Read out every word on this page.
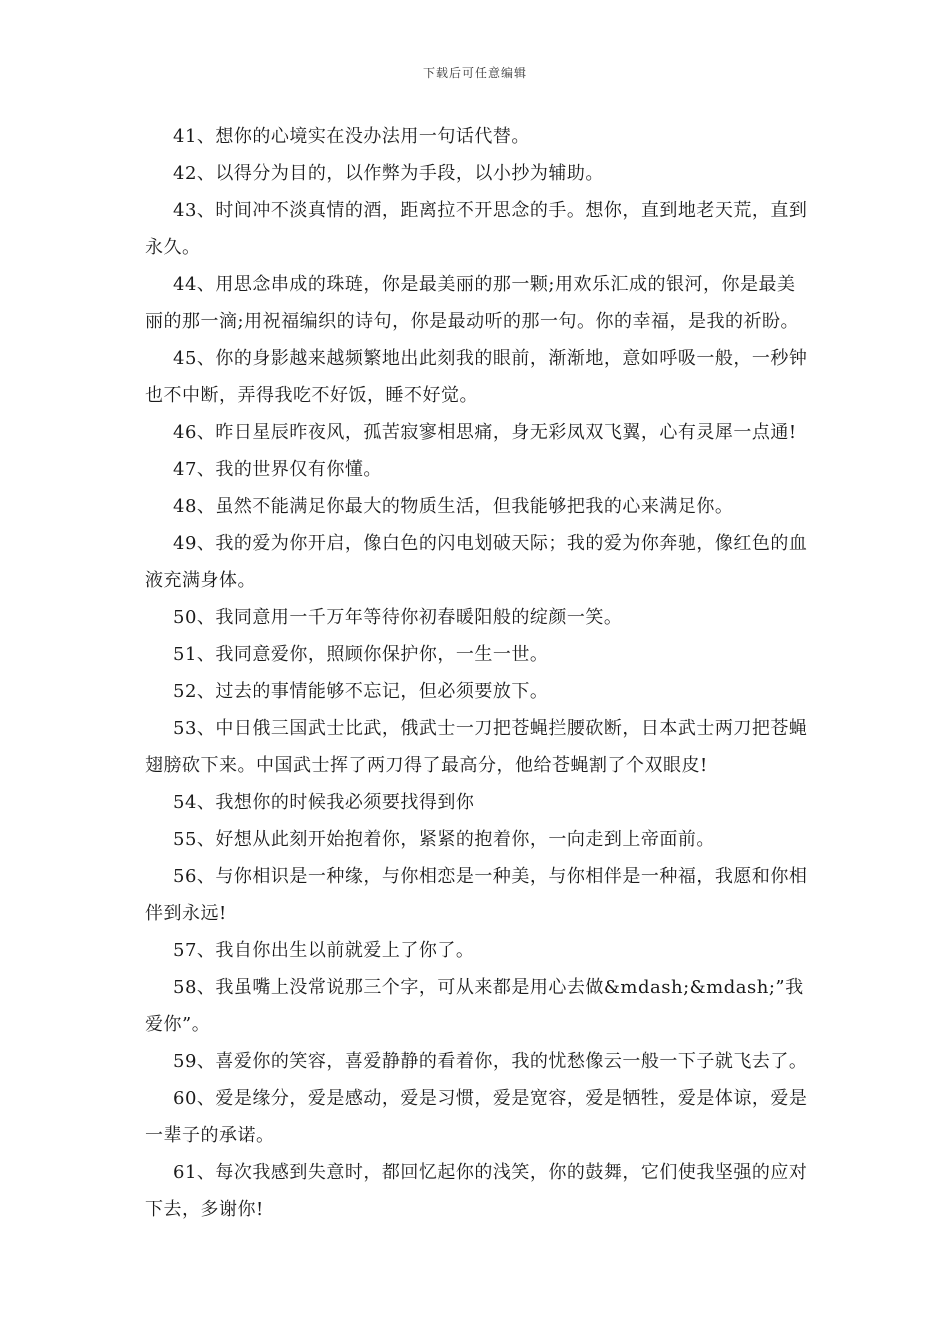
下载后可任意编辑

41、想你的心境实在没办法用一句话代替。

42、以得分为目的，以作弊为手段，以小抄为辅助。

43、时间冲不淡真情的酒，距离拉不开思念的手。想你，直到地老天荒，直到永久。

44、用思念串成的珠琏，你是最美丽的那一颗;用欢乐汇成的银河，你是最美丽的那一滴;用祝福编织的诗句，你是最动听的那一句。你的幸福，是我的祈盼。

45、你的身影越来越频繁地出此刻我的眼前，渐渐地，意如呼吸一般，一秒钟也不中断，弄得我吃不好饭，睡不好觉。

46、昨日星辰昨夜风，孤苦寂寥相思痛，身无彩凤双飞翼，心有灵犀一点通!

47、我的世界仅有你懂。

48、虽然不能满足你最大的物质生活，但我能够把我的心来满足你。

49、我的爱为你开启，像白色的闪电划破天际；我的爱为你奔驰，像红色的血液充满身体。

50、我同意用一千万年等待你初春暖阳般的绽颜一笑。

51、我同意爱你，照顾你保护你，一生一世。

52、过去的事情能够不忘记，但必须要放下。

53、中日俄三国武士比武，俄武士一刀把苍蝇拦腰砍断，日本武士两刀把苍蝇翅膀砍下来。中国武士挥了两刀得了最高分，他给苍蝇割了个双眼皮!

54、我想你的时候我必须要找得到你

55、好想从此刻开始抱着你，紧紧的抱着你，一向走到上帝面前。

56、与你相识是一种缘，与你相恋是一种美，与你相伴是一种福，我愿和你相伴到永远!

57、我自你出生以前就爱上了你了。

58、我虽嘴上没常说那三个字，可从来都是用心去做&mdash;&mdash;”我爱你”。

59、喜爱你的笑容，喜爱静静的看着你，我的忧愁像云一般一下子就飞去了。

60、爱是缘分，爱是感动，爱是习惯，爱是宽容，爱是牺牲，爱是体谅，爱是一辈子的承诺。

61、每次我感到失意时，都回忆起你的浅笑，你的鼓舞，它们使我坚强的应对下去，多谢你!
